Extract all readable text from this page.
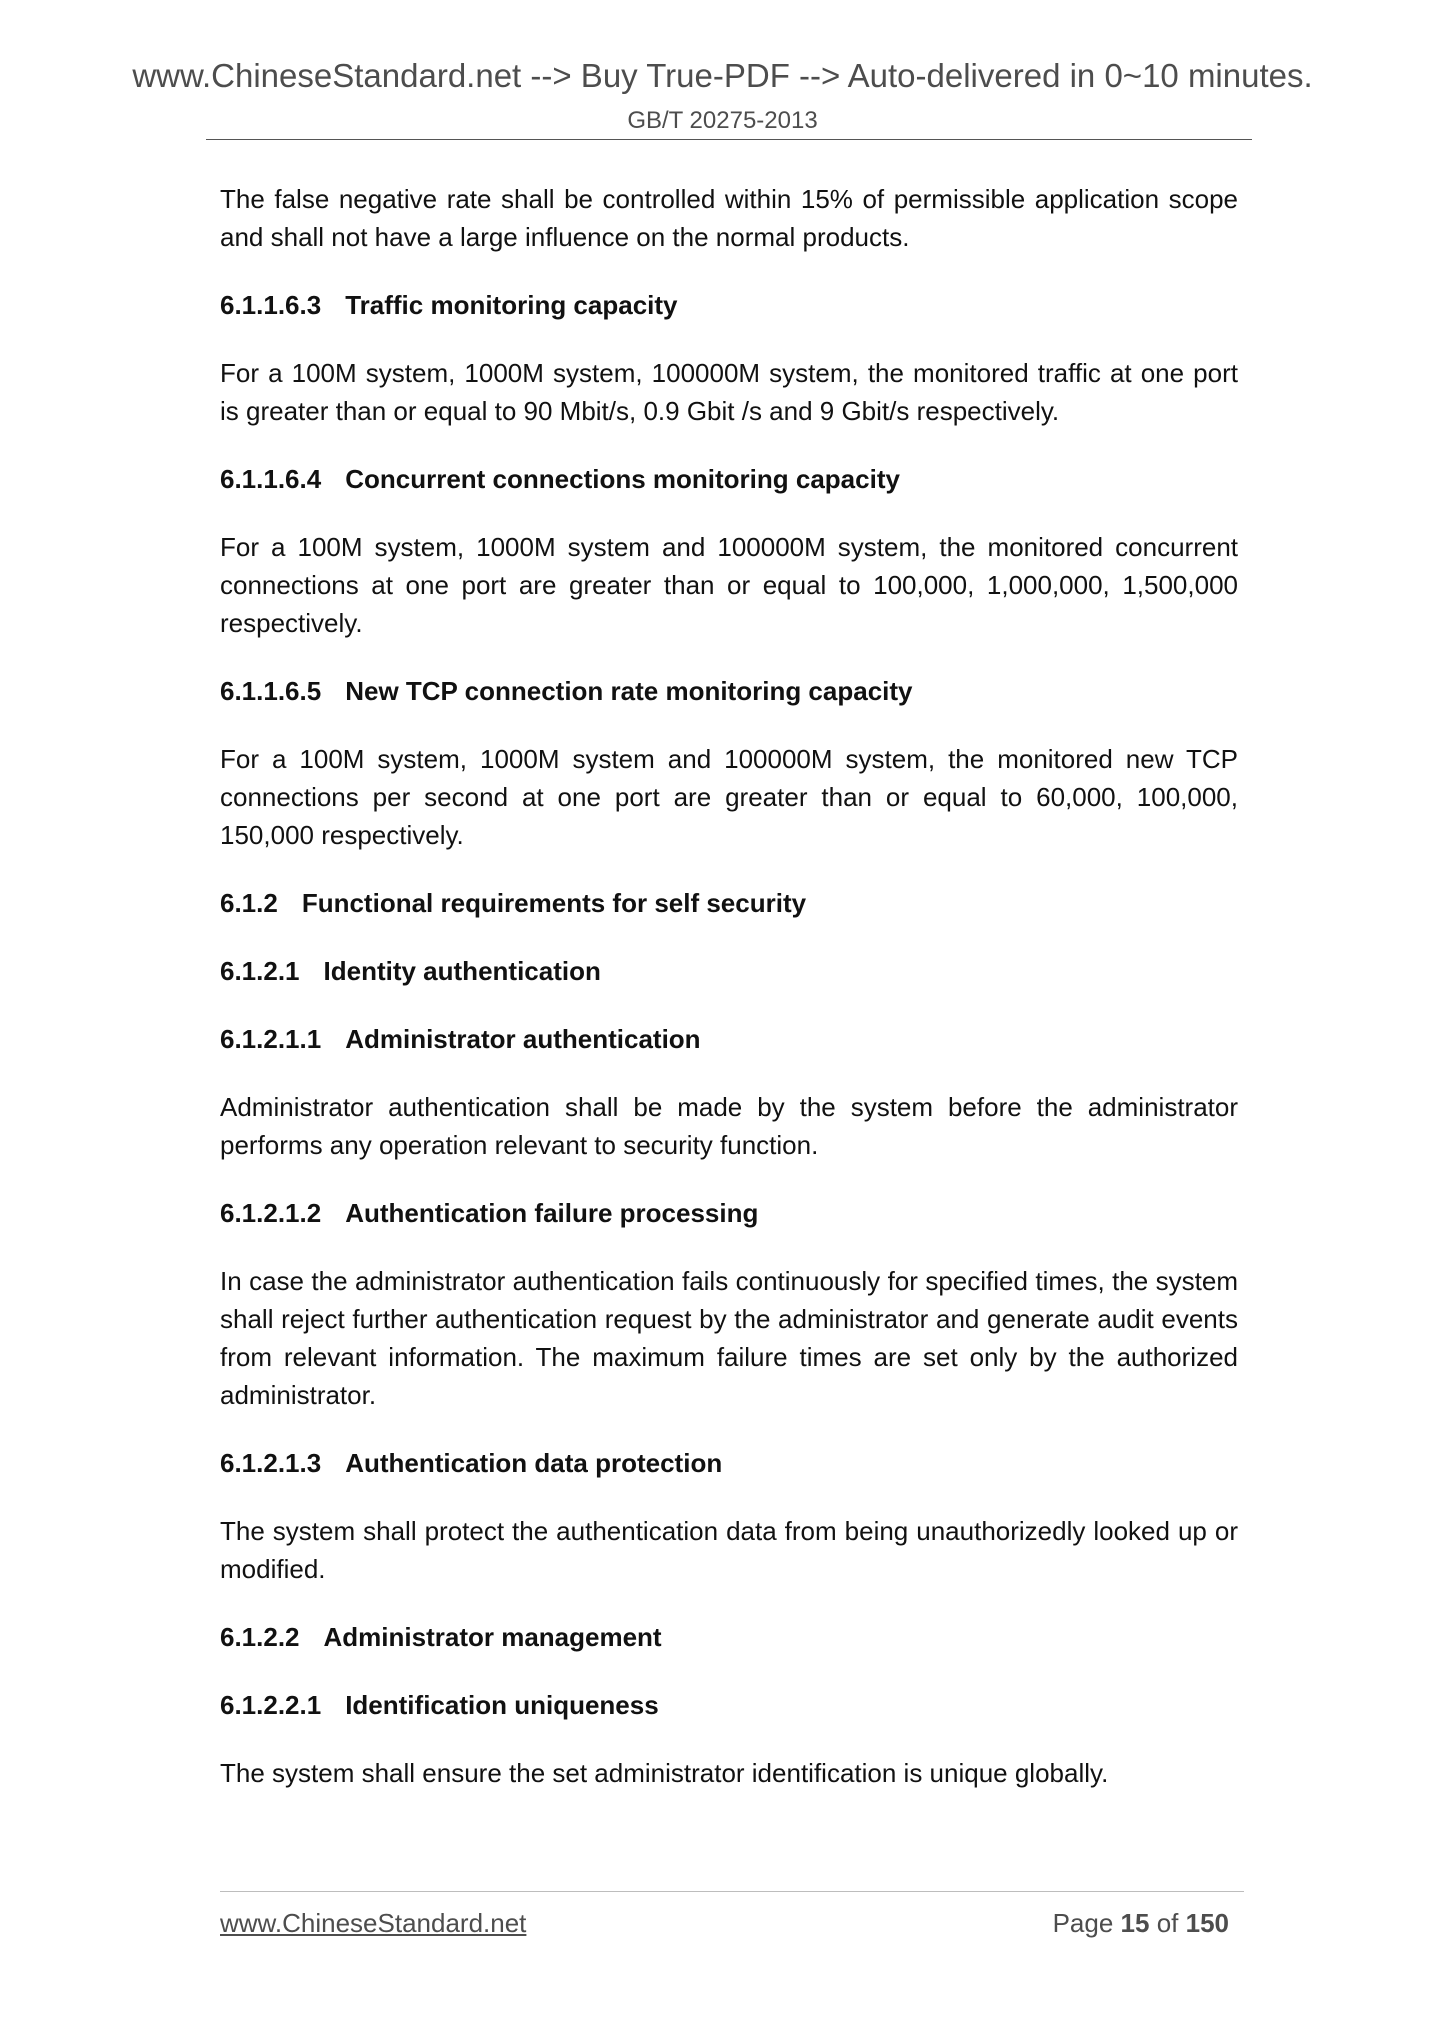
www.ChineseStandard.net --> Buy True-PDF --> Auto-delivered in 0~10 minutes.
GB/T 20275-2013

The false negative rate shall be controlled within 15% of permissible application scope and shall not have a large influence on the normal products.

6.1.1.6.3 Traffic monitoring capacity

For a 100M system, 1000M system, 100000M system, the monitored traffic at one port is greater than or equal to 90 Mbit/s, 0.9 Gbit /s and 9 Gbit/s respectively.

6.1.1.6.4 Concurrent connections monitoring capacity

For a 100M system, 1000M system and 100000M system, the monitored concurrent connections at one port are greater than or equal to 100,000, 1,000,000, 1,500,000 respectively.

6.1.1.6.5 New TCP connection rate monitoring capacity

For a 100M system, 1000M system and 100000M system, the monitored new TCP connections per second at one port are greater than or equal to 60,000, 100,000, 150,000 respectively.

6.1.2 Functional requirements for self security
6.1.2.1 Identity authentication
6.1.2.1.1 Administrator authentication

Administrator authentication shall be made by the system before the administrator performs any operation relevant to security function.

6.1.2.1.2 Authentication failure processing

In case the administrator authentication fails continuously for specified times, the system shall reject further authentication request by the administrator and generate audit events from relevant information. The maximum failure times are set only by the authorized administrator.

6.1.2.1.3 Authentication data protection

The system shall protect the authentication data from being unauthorizedly looked up or modified.

6.1.2.2 Administrator management
6.1.2.2.1 Identification uniqueness

The system shall ensure the set administrator identification is unique globally.

www.ChineseStandard.net	Page 15 of 150
